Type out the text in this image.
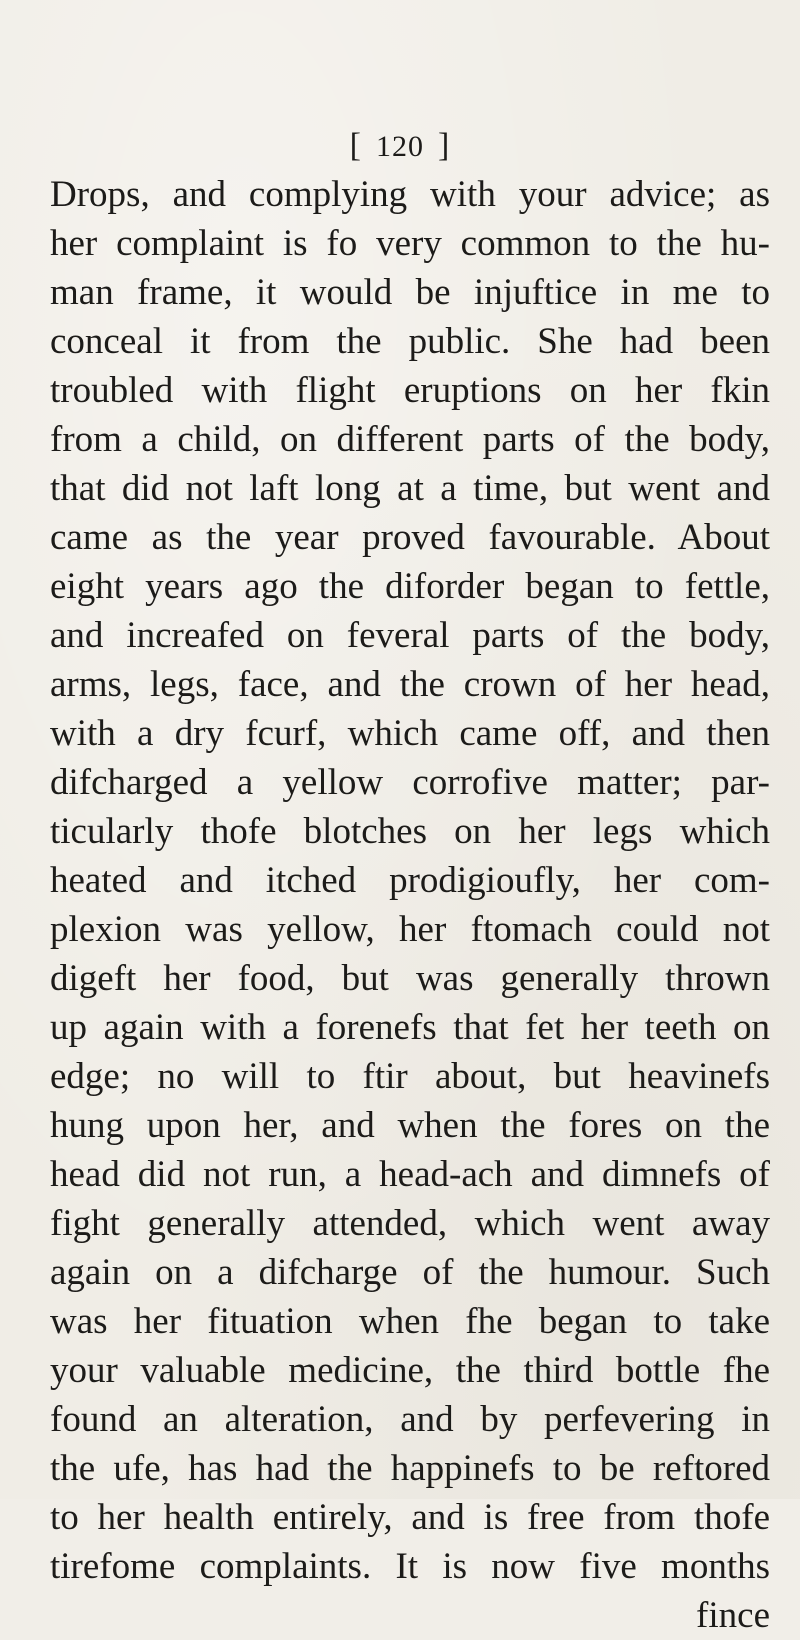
[ 120 ]
Drops, and complying with your advice; as
her complaint is fo very common to the hu-
man frame, it would be injuftice in me to
conceal it from the public. She had been
troubled with flight eruptions on her fkin
from a child, on different parts of the body,
that did not laft long at a time, but went and
came as the year proved favourable. About
eight years ago the diforder began to fettle,
and increafed on feveral parts of the body,
arms, legs, face, and the crown of her head,
with a dry fcurf, which came off, and then
difcharged a yellow corrofive matter; par-
ticularly thofe blotches on her legs which
heated and itched prodigioufly, her com-
plexion was yellow, her ftomach could not
digeft her food, but was generally thrown
up again with a forenefs that fet her teeth on
edge; no will to ftir about, but heavinefs
hung upon her, and when the fores on the
head did not run, a head-ach and dimnefs of
fight generally attended, which went away
again on a difcharge of the humour. Such
was her fituation when fhe began to take
your valuable medicine, the third bottle fhe
found an alteration, and by perfevering in
the ufe, has had the happinefs to be reftored
to her health entirely, and is free from thofe
tirefome complaints. It is now five months
fince
